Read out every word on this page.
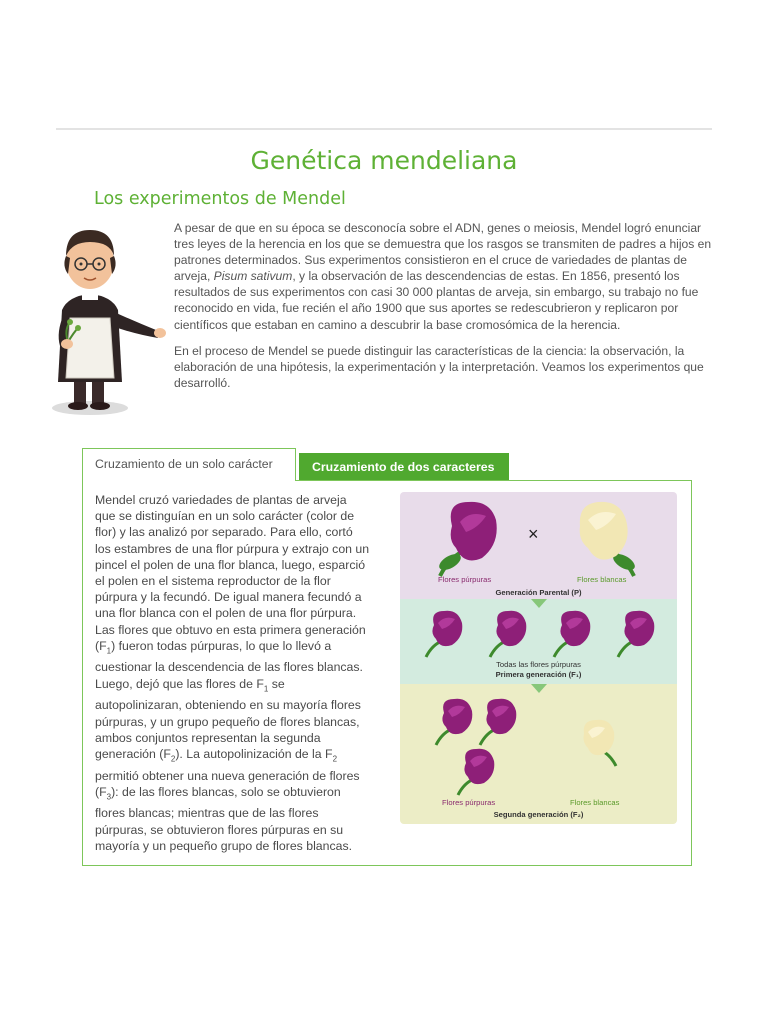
Genética mendeliana
Los experimentos de Mendel

A pesar de que en su época se desconocía sobre el ADN, genes o meiosis, Mendel logró enunciar tres leyes de la herencia en los que se demuestra que los rasgos se transmiten de padres a hijos en patrones determinados. Sus experimentos consistieron en el cruce de variedades de plantas de arveja, Pisum sativum, y la observación de las descendencias de estas. En 1856, presentó los resultados de sus experimentos con casi 30 000 plantas de arveja, sin embargo, su trabajo no fue reconocido en vida, fue recién el año 1900 que sus aportes se redescubrieron y replicaron por científicos que estaban en camino a descubrir la base cromosómica de la herencia.

En el proceso de Mendel se puede distinguir las características de la ciencia: la observación, la elaboración de una hipótesis, la experimentación y la interpretación. Veamos los experimentos que desarrolló.

Cruzamiento de un solo carácter	Cruzamiento de dos caracteres
Mendel cruzó variedades de plantas de arveja que se distinguían en un solo carácter (color de flor) y las analizó por separado. Para ello, cortó los estambres de una flor púrpura y extrajo con un pincel el polen de una flor blanca, luego, esparció el polen en el sistema reproductor de la flor púrpura y la fecundó. De igual manera fecundó a una flor blanca con el polen de una flor púrpura. Las flores que obtuvo en esta primera generación $(F_1)$ fueron todas púrpuras, lo que lo llevó a cuestionar la descendencia de las flores blancas. Luego, dejó que las flores de $F_1$ se autopolinizaran, obteniendo en su mayoría flores púrpuras, y un grupo pequeño de flores blancas, ambos conjuntos representan la segunda generación $(F_2)$. La autopolinización de la $F_2$ permitió obtener una nueva generación de flores $(F_3)$: de las flores blancas, solo se obtuvieron flores blancas; mientras que de las flores púrpuras, se obtuvieron flores púrpuras en su mayoría y un pequeño grupo de flores blancas.
×
Flores púrpuras	Flores blancas
Generación Parental (P)
Todas las flores púrpuras
Primera generación (F₁)
Flores púrpuras	Flores blancas
Segunda generación (F₂)
